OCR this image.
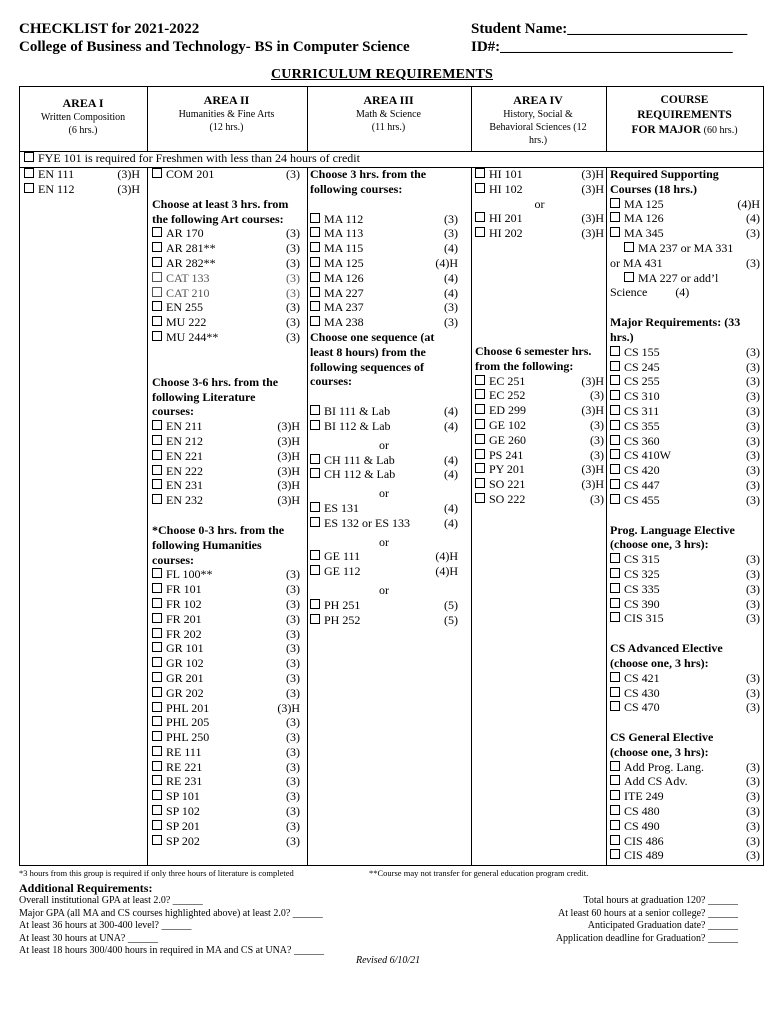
CHECKLIST for 2021-2022
College of Business and Technology- BS in Computer Science
Student Name:________________________
ID#:_______________________________
CURRICULUM REQUIREMENTS
AREA I
Written Composition
(6 hrs.)
AREA II
Humanities & Fine Arts
(12 hrs.)
AREA III
Math & Science
(11 hrs.)
AREA IV
History, Social &
Behavioral Sciences (12
hrs.)
COURSE
REQUIREMENTS
FOR MAJOR (60 hrs.)
FYE 101 is required for Freshmen with less than 24 hours of credit
EN 111	(3)H
EN 112	(3)H
COM 201	(3)
Choose at least 3 hrs. from the following Art courses:
AR 170	(3)
AR 281**	(3)
AR 282**	(3)
CAT 133	(3)
CAT 210	(3)
EN 255	(3)
MU 222	(3)
MU 244**	(3)
Choose 3-6 hrs. from the following Literature courses:
EN 211	(3)H
EN 212	(3)H
EN 221	(3)H
EN 222	(3)H
EN 231	(3)H
EN 232	(3)H
*Choose 0-3 hrs. from the following Humanities courses:
FL 100**	(3)
FR 101	(3)
FR 102	(3)
FR 201	(3)
FR 202	(3)
GR 101	(3)
GR 102	(3)
GR 201	(3)
GR 202	(3)
PHL 201	(3)H
PHL 205	(3)
PHL 250	(3)
RE 111	(3)
RE 221	(3)
RE 231	(3)
SP 101	(3)
SP 102	(3)
SP 201	(3)
SP 202	(3)
Choose 3 hrs. from the following courses:
MA 112	(3)
MA 113	(3)
MA 115	(4)
MA 125	(4)H
MA 126	(4)
MA 227	(4)
MA 237	(3)
MA 238	(3)
Choose one sequence (at least 8 hours) from the following sequences of courses:
BI 111 & Lab	(4)
BI 112 & Lab	(4)
or
CH 111 & Lab	(4)
CH 112 & Lab	(4)
or
ES 131	(4)
ES 132 or ES 133	(4)
or
GE 111	(4)H
GE 112	(4)H
or
PH 251	(5)
PH 252	(5)
HI 101	(3)H
HI 102	(3)H
or
HI 201	(3)H
HI 202	(3)H
Choose 6 semester hrs. from the following:
EC 251	(3)H
EC 252	(3)
ED 299	(3)H
GE 102	(3)
GE 260	(3)
PS 241	(3)
PY 201	(3)H
SO 221	(3)H
SO 222	(3)
Required Supporting Courses (18 hrs.)
MA 125	(4)H
MA 126	(4)
MA 345	(3)
MA 237 or MA 331
or MA 431	(3)
MA 227 or add’l
Science (4)
Major Requirements: (33 hrs.)
CS 155	(3)
CS 245	(3)
CS 255	(3)
CS 310	(3)
CS 311	(3)
CS 355	(3)
CS 360	(3)
CS 410W	(3)
CS 420	(3)
CS 447	(3)
CS 455	(3)
Prog. Language Elective (choose one, 3 hrs):
CS 315	(3)
CS 325	(3)
CS 335	(3)
CS 390	(3)
CIS 315	(3)
CS Advanced Elective (choose one, 3 hrs):
CS 421	(3)
CS 430	(3)
CS 470	(3)
CS General Elective (choose one, 3 hrs):
Add Prog. Lang.	(3)
Add CS Adv.	(3)
ITE 249	(3)
CS 480	(3)
CS 490	(3)
CIS 486	(3)
CIS 489	(3)
*3 hours from this group is required if only three hours of literature is completed	**Course may not transfer for general education program credit.
Additional Requirements:
Overall institutional GPA at least 2.0? ______
Major GPA (all MA and CS courses highlighted above) at least 2.0? ______
At least 36 hours at 300-400 level? ______
At least 30 hours at UNA? ______
At least 18 hours 300/400 hours in required in MA and CS at UNA? ______
Total hours at graduation 120? ______
At least 60 hours at a senior college? ______
Anticipated Graduation date? ______
Application deadline for Graduation? ______
Revised 6/10/21
